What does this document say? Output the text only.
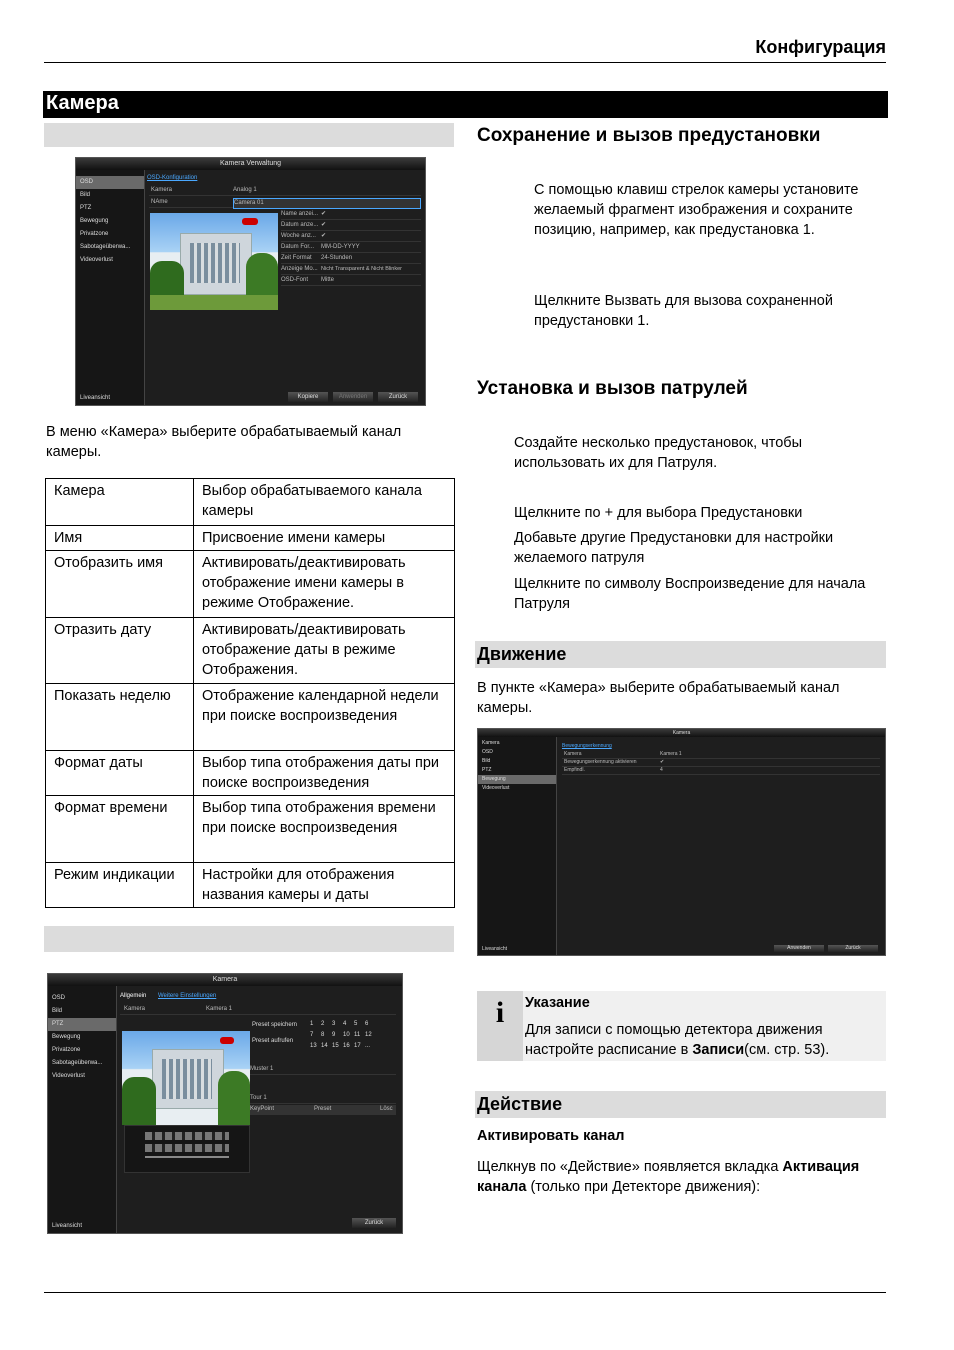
Конфигурация
Камера
Kamera Verwaltung
OSD
Bild
PTZ
Bewegung
Privatzone
Sabotageüberwa...
Videoverlust
Liveansicht
OSD-Konfiguration
Kamera	Analog 1
NAme	Camera 01
Name anzei... ✔
Datum anze... ✔
Woche anz... ✔
Datum For... MM-DD-YYYY
Zeit Format 24-Stunden
Anzeige Mo... Nicht Transparent & Nicht Blinker
OSD-Font Mitte
Kopiere	Anwenden	Zurück
В меню «Камера» выберите обрабатываемый канал камеры.
Камера	Выбор обрабатываемого канала камеры
Имя	Присвоение имени камеры
Отобразить имя	Активировать/деактивировать отображение имени камеры в режиме Отображение.
Отразить дату	Активировать/деактивировать отображение даты в режиме Отображения.
Показать неделю	Отображение календарной недели при поиске воспроизведения
Формат даты	Выбор типа отображения даты при поиске воспроизведения
Формат времени	Выбор типа отображения времени при поиске воспроизведения
Режим индикации	Настройки для отображения названия камеры и даты
Kamera
OSD
Bild
PTZ
Bewegung
Privatzone
Sabotageüberwa...
Videoverlust
Liveansicht
Allgemein Weitere Einstellungen
Kamera	Kamera 1
Preset speichern
Preset aufrufen
1 2 3 4 5 6
7 8 9 10 11 12
13 14 15 16 17 ...
Muster 1
Tour 1
KeyPoint	Preset	Lösc
Zurück
Сохранение и вызов предустановки
С помощью клавиш стрелок камеры установите желаемый фрагмент изображения и сохраните позицию, например, как предустановка 1.
Щелкните Вызвать для вызова сохраненной предустановки 1.
Установка и вызов патрулей
Создайте несколько предустановок, чтобы использовать их для Патруля.
Щелкните по + для выбора Предустановки
Добавьте другие Предустановки для настройки желаемого патруля
Щелкните по символу Воспроизведение для начала Патруля
Движение
В пункте «Камера» выберите обрабатываемый канал камеры.
Kamera
Kamera
OSD
Bild
PTZ
Bewegung
Videoverlust
Liveansicht
Bewegungserkennung
Kamera	Kamera 1
Bewegungserkennung aktivieren	✔
Empfindl.	4
Anwenden	Zurück
i	Указание
Для записи с помощью детектора движения настройте расписание в Записи(см. стр. 53).
Действие
Активировать канал
Щелкнув по «Действие» появляется вкладка Активация канала (только при Детекторе движения):
